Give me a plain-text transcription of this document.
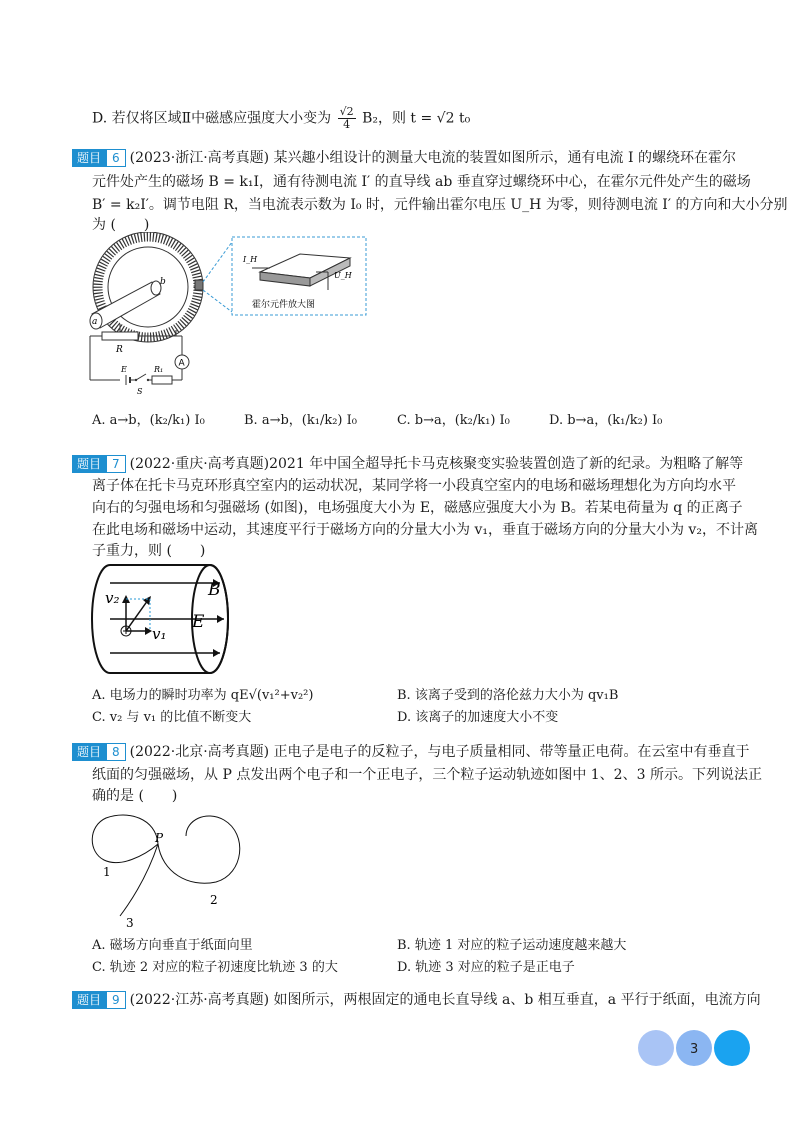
D. 若仅将区域Ⅱ中磁感应强度大小变为 $\frac{√2}{4} B_2$，则 t = √2 t₀
题目 6 (2023·浙江·高考真题) 某兴趣小组设计的测量大电流的装置如图所示，通有电流 I 的螺绕环在霍尔
元件处产生的磁场 B = k₁I，通有待测电流 I′ 的直导线 ab 垂直穿过螺绕环中心，在霍尔元件处产生的磁场
B′ = k₂I′。调节电阻 R，当电流表示数为 I₀ 时，元件输出霍尔电压 U_H 为零，则待测电流 I′ 的方向和大小分别
为 (　　)
a
b
I_H
U_H
霍尔元件放大图
R
A
E
S
R₁
A. a→b，(k₂/k₁) I₀	B. a→b，(k₁/k₂) I₀	C. b→a，(k₂/k₁) I₀	D. b→a，(k₁/k₂) I₀
题目 7 (2022·重庆·高考真题)2021 年中国全超导托卡马克核聚变实验装置创造了新的纪录。为粗略了解等
离子体在托卡马克环形真空室内的运动状况，某同学将一小段真空室内的电场和磁场理想化为方向均水平
向右的匀强电场和匀强磁场 (如图)，电场强度大小为 E，磁感应强度大小为 B。若某电荷量为 q 的正离子
在此电场和磁场中运动，其速度平行于磁场方向的分量大小为 v₁，垂直于磁场方向的分量大小为 v₂，不计离
子重力，则 (　　)
B
E
v₂
v₁
A. 电场力的瞬时功率为 qE√(v₁²+v₂²)	B. 该离子受到的洛伦兹力大小为 qv₁B
C. v₂ 与 v₁ 的比值不断变大	D. 该离子的加速度大小不变
题目 8 (2022·北京·高考真题) 正电子是电子的反粒子，与电子质量相同、带等量正电荷。在云室中有垂直于
纸面的匀强磁场，从 P 点发出两个电子和一个正电子，三个粒子运动轨迹如图中 1、2、3 所示。下列说法正
确的是 (　　)
P
1
2
3
A. 磁场方向垂直于纸面向里	B. 轨迹 1 对应的粒子运动速度越来越大
C. 轨迹 2 对应的粒子初速度比轨迹 3 的大	D. 轨迹 3 对应的粒子是正电子
题目 9 (2022·江苏·高考真题) 如图所示，两根固定的通电长直导线 a、b 相互垂直，a 平行于纸面，电流方向
3
